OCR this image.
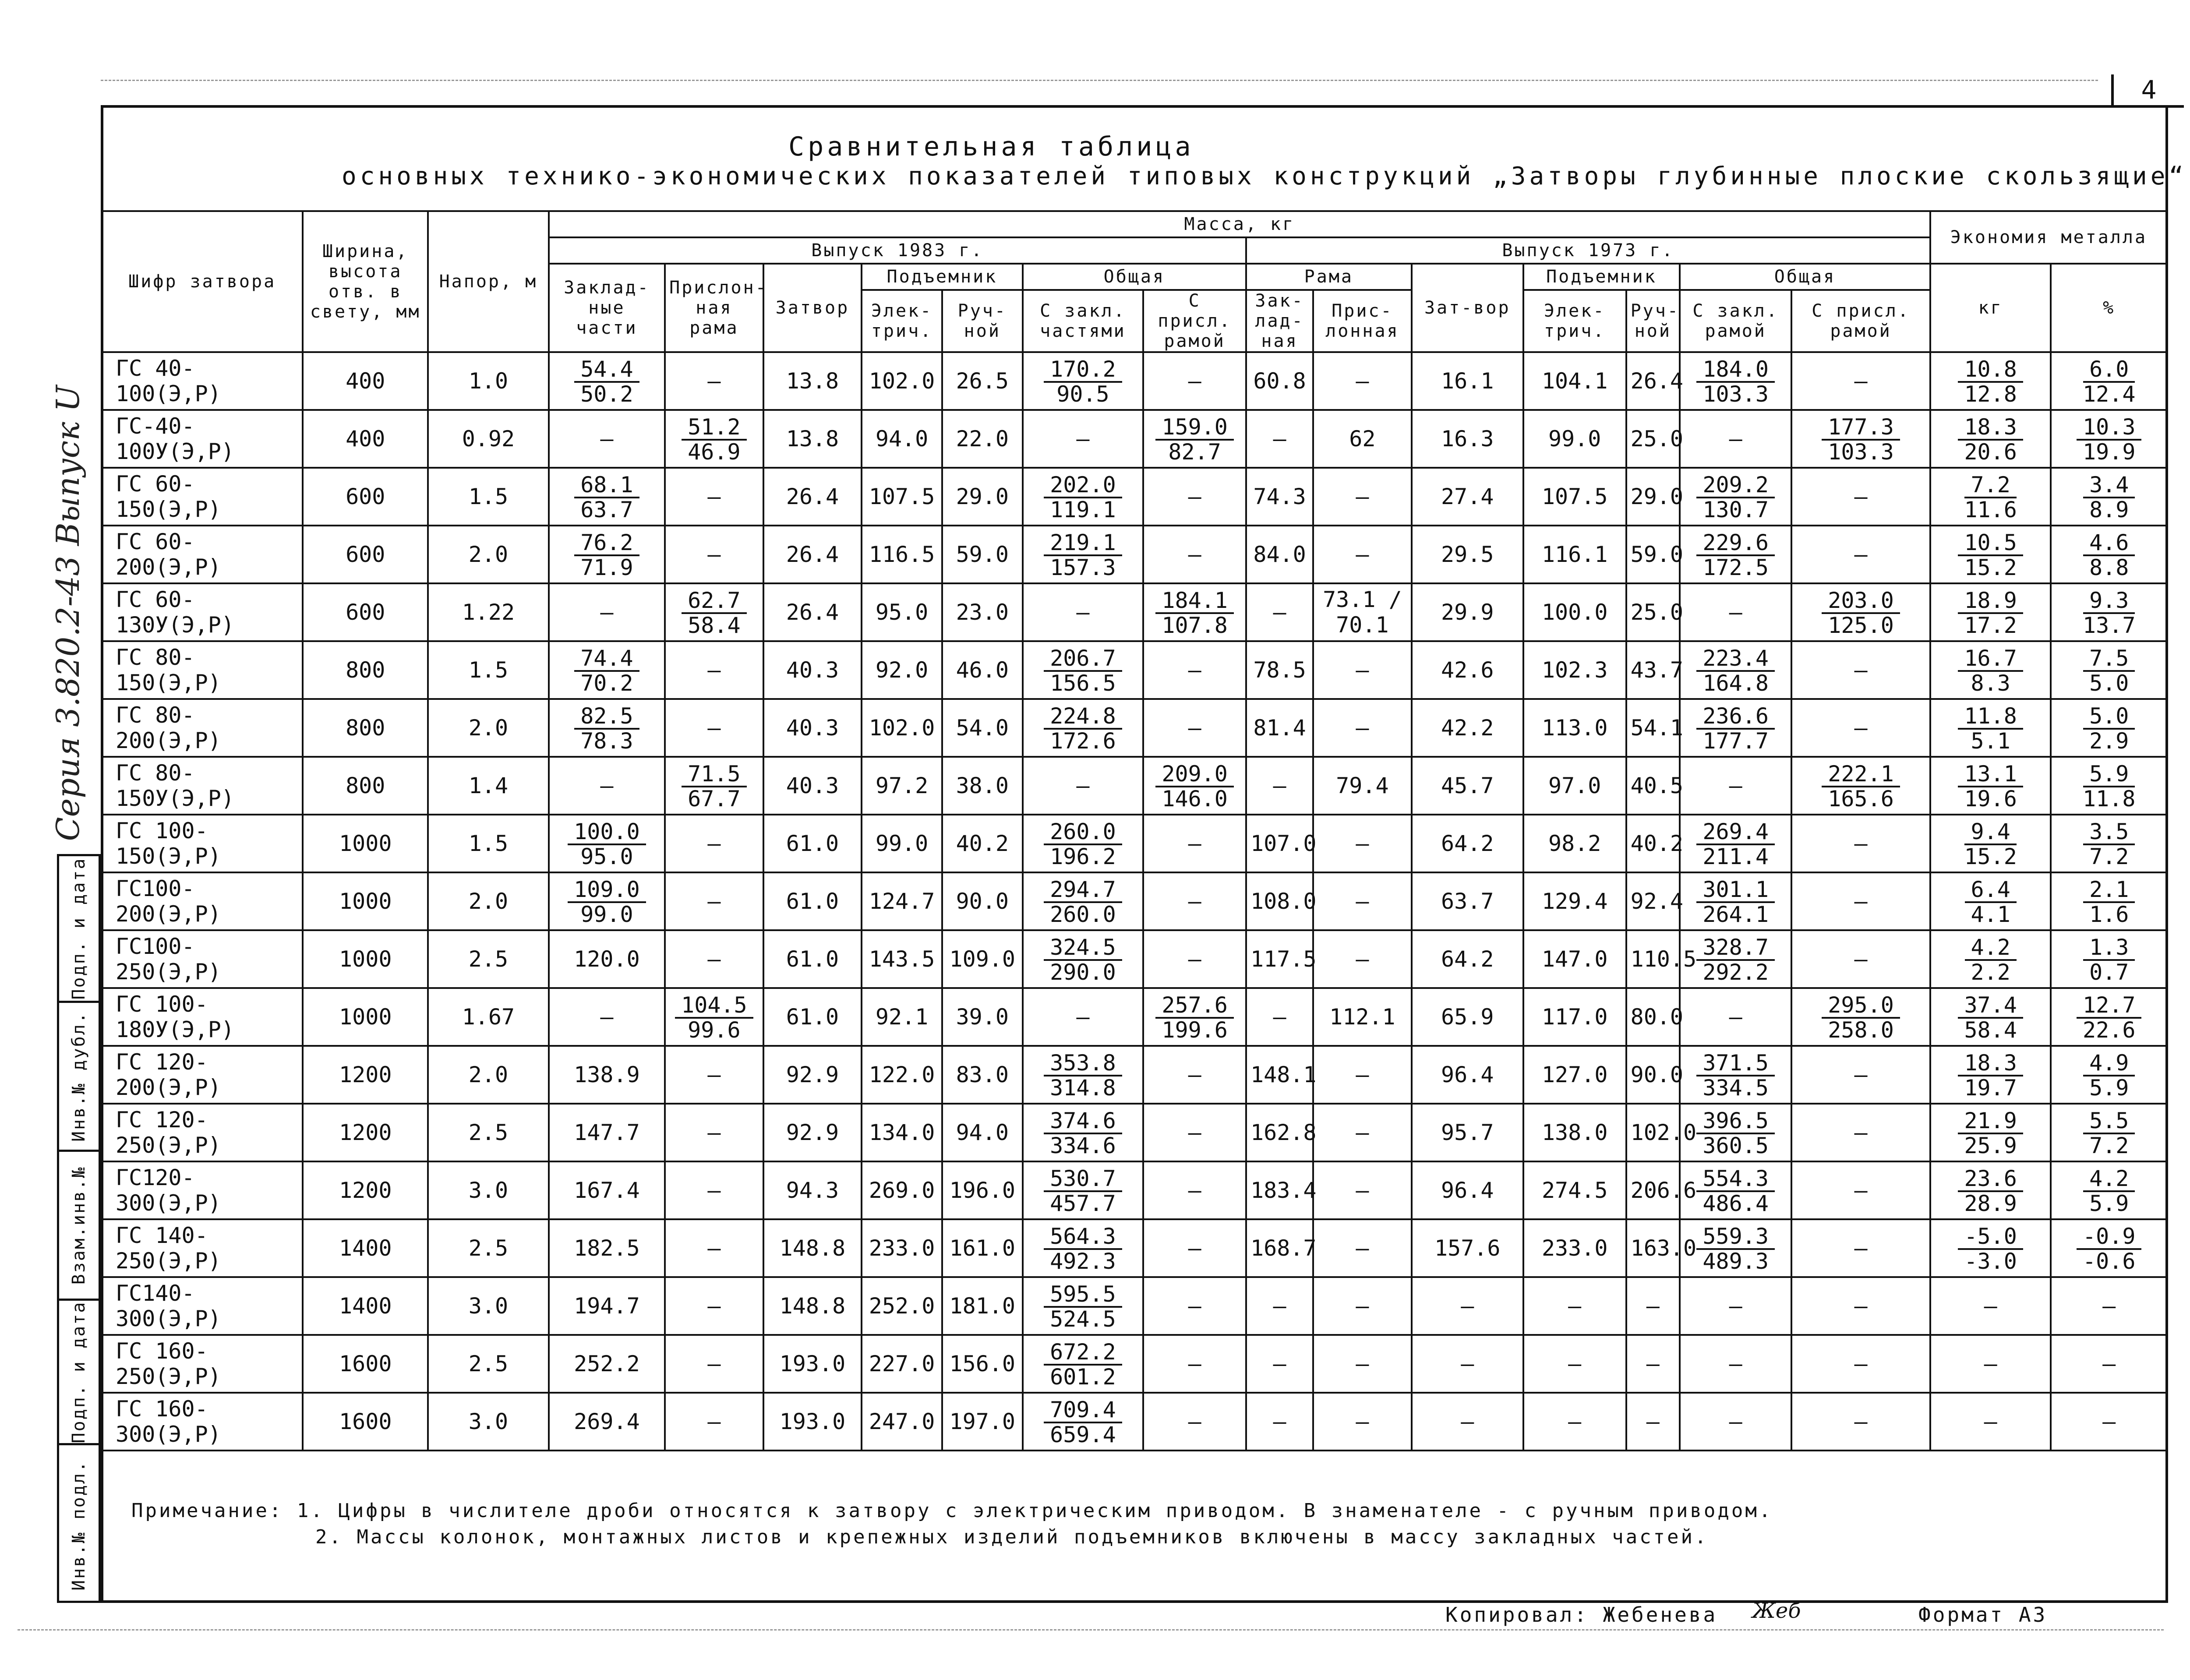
4
Серия 3.820.2-43 Выпуск U
Подп. и дата
Инв.№ дубл.
Взам.инв.№
Подп. и дата
Инв.№ подл.
Сравнительная таблица
основных технико-экономических показателей типовых конструкций „Затворы глубинные плоские скользящие“
Шифр затвора	Ширина, высота отв. в свету, мм	Напор, м	Масса, кг														Экономия металла	
			Выпуск 1983 г.							Выпуск 1973 г.								
			Заклад-ные части	Прислон-ная рама	Затвор	Подъемник		Общая		Рама		Зат-вор	Подъемник		Общая		кг	%
						Элек-трич.	Руч-ной	С закл. частями	С присл. рамой	Зак-лад-ная	Прис-лонная		Элек-трич.	Руч-ной	С закл. рамой	С присл. рамой		
ГС 40-100(Э,Р)	400	1.0	$\frac{54.4}{50.2}$	—	13.8	102.0	26.5	$\frac{170.2}{90.5}$	—	60.8	—	16.1	104.1	26.4	$\frac{184.0}{103.3}$	—	$\frac{10.8}{12.8}$	$\frac{6.0}{12.4}$

ГС-40-100У(Э,Р)	400	0.92	—	$\frac{51.2}{46.9}$	13.8	94.0	22.0	—	$\frac{159.0}{82.7}$	—	62	16.3	99.0	25.0	—	$\frac{177.3}{103.3}$	$\frac{18.3}{20.6}$	$\frac{10.3}{19.9}$

ГС 60-150(Э,Р)	600	1.5	$\frac{68.1}{63.7}$	—	26.4	107.5	29.0	$\frac{202.0}{119.1}$	—	74.3	—	27.4	107.5	29.0	$\frac{209.2}{130.7}$	—	$\frac{7.2}{11.6}$	$\frac{3.4}{8.9}$

ГС 60-200(Э,Р)	600	2.0	$\frac{76.2}{71.9}$	—	26.4	116.5	59.0	$\frac{219.1}{157.3}$	—	84.0	—	29.5	116.1	59.0	$\frac{229.6}{172.5}$	—	$\frac{10.5}{15.2}$	$\frac{4.6}{8.8}$

ГС 60-130У(Э,Р)	600	1.22	—	$\frac{62.7}{58.4}$	26.4	95.0	23.0	—	$\frac{184.1}{107.8}$	—	73.1 / 70.1	29.9	100.0	25.0	—	$\frac{203.0}{125.0}$	$\frac{18.9}{17.2}$	$\frac{9.3}{13.7}$

ГС 80-150(Э,Р)	800	1.5	$\frac{74.4}{70.2}$	—	40.3	92.0	46.0	$\frac{206.7}{156.5}$	—	78.5	—	42.6	102.3	43.7	$\frac{223.4}{164.8}$	—	$\frac{16.7}{8.3}$	$\frac{7.5}{5.0}$

ГС 80-200(Э,Р)	800	2.0	$\frac{82.5}{78.3}$	—	40.3	102.0	54.0	$\frac{224.8}{172.6}$	—	81.4	—	42.2	113.0	54.1	$\frac{236.6}{177.7}$	—	$\frac{11.8}{5.1}$	$\frac{5.0}{2.9}$

ГС 80-150У(Э,Р)	800	1.4	—	$\frac{71.5}{67.7}$	40.3	97.2	38.0	—	$\frac{209.0}{146.0}$	—	79.4	45.7	97.0	40.5	—	$\frac{222.1}{165.6}$	$\frac{13.1}{19.6}$	$\frac{5.9}{11.8}$

ГС 100-150(Э,Р)	1000	1.5	$\frac{100.0}{95.0}$	—	61.0	99.0	40.2	$\frac{260.0}{196.2}$	—	107.0	—	64.2	98.2	40.2	$\frac{269.4}{211.4}$	—	$\frac{9.4}{15.2}$	$\frac{3.5}{7.2}$

ГС100-200(Э,Р)	1000	2.0	$\frac{109.0}{99.0}$	—	61.0	124.7	90.0	$\frac{294.7}{260.0}$	—	108.0	—	63.7	129.4	92.4	$\frac{301.1}{264.1}$	—	$\frac{6.4}{4.1}$	$\frac{2.1}{1.6}$

ГС100-250(Э,Р)	1000	2.5	120.0	—	61.0	143.5	109.0	$\frac{324.5}{290.0}$	—	117.5	—	64.2	147.0	110.5	$\frac{328.7}{292.2}$	—	$\frac{4.2}{2.2}$	$\frac{1.3}{0.7}$

ГС 100-180У(Э,Р)	1000	1.67	—	$\frac{104.5}{99.6}$	61.0	92.1	39.0	—	$\frac{257.6}{199.6}$	—	112.1	65.9	117.0	80.0	—	$\frac{295.0}{258.0}$	$\frac{37.4}{58.4}$	$\frac{12.7}{22.6}$

ГС 120-200(Э,Р)	1200	2.0	138.9	—	92.9	122.0	83.0	$\frac{353.8}{314.8}$	—	148.1	—	96.4	127.0	90.0	$\frac{371.5}{334.5}$	—	$\frac{18.3}{19.7}$	$\frac{4.9}{5.9}$

ГС 120-250(Э,Р)	1200	2.5	147.7	—	92.9	134.0	94.0	$\frac{374.6}{334.6}$	—	162.8	—	95.7	138.0	102.0	$\frac{396.5}{360.5}$	—	$\frac{21.9}{25.9}$	$\frac{5.5}{7.2}$

ГС120-300(Э,Р)	1200	3.0	167.4	—	94.3	269.0	196.0	$\frac{530.7}{457.7}$	—	183.4	—	96.4	274.5	206.6	$\frac{554.3}{486.4}$	—	$\frac{23.6}{28.9}$	$\frac{4.2}{5.9}$

ГС 140-250(Э,Р)	1400	2.5	182.5	—	148.8	233.0	161.0	$\frac{564.3}{492.3}$	—	168.7	—	157.6	233.0	163.0	$\frac{559.3}{489.3}$	—	$\frac{-5.0}{-3.0}$	$\frac{-0.9}{-0.6}$

ГС140-300(Э,Р)	1400	3.0	194.7	—	148.8	252.0	181.0	$\frac{595.5}{524.5}$	—	—	—	—	—	—	—	—	—	—
ГС 160-250(Э,Р)	1600	2.5	252.2	—	193.0	227.0	156.0	$\frac{672.2}{601.2}$	—	—	—	—	—	—	—	—	—	—
ГС 160-300(Э,Р)	1600	3.0	269.4	—	193.0	247.0	197.0	$\frac{709.4}{659.4}$	—	—	—	—	—	—	—	—	—	—
Примечание: 1. Цифры в числителе дроби относятся к затвору с электрическим приводом. В знаменателе - с ручным приводом.
2. Массы колонок, монтажных листов и крепежных изделий подъемников включены в массу закладных частей.
Копировал: Жебенева Жеб	Формат А3
